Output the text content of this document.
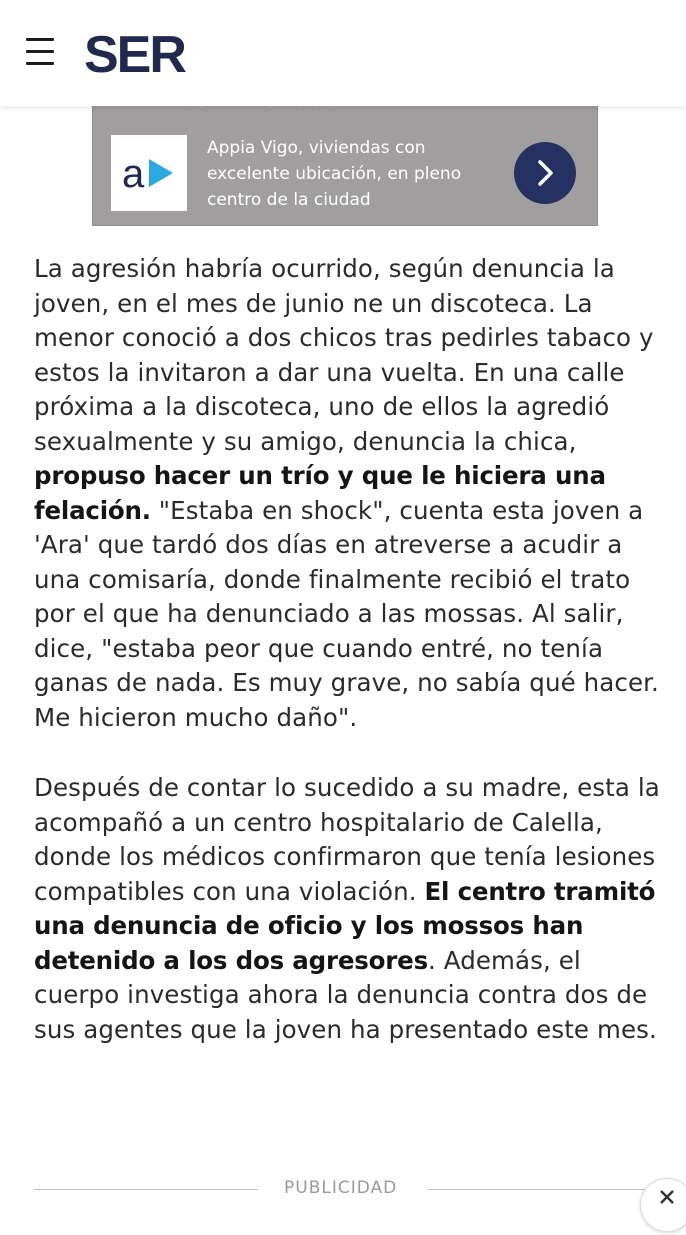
SER
a
Appia Vigo, viviendas con excelente ubicación, en pleno centro de la ciudad

La agresión habría ocurrido, según denuncia la joven, en el mes de junio ne un discoteca. La menor conoció a dos chicos tras pedirles tabaco y estos la invitaron a dar una vuelta. En una calle próxima a la discoteca, uno de ellos la agredió sexualmente y su amigo, denuncia la chica, propuso hacer un trío y que le hiciera una felación. "Estaba en shock", cuenta esta joven a 'Ara' que tardó dos días en atreverse a acudir a una comisaría, donde finalmente recibió el trato por el que ha denunciado a las mossas. Al salir, dice, "estaba peor que cuando entré, no tenía ganas de nada. Es muy grave, no sabía qué hacer. Me hicieron mucho daño".

Después de contar lo sucedido a su madre, esta la acompañó a un centro hospitalario de Calella, donde los médicos confirmaron que tenía lesiones compatibles con una violación. El centro tramitó una denuncia de oficio y los mossos han detenido a los dos agresores. Además, el cuerpo investiga ahora la denuncia contra dos de sus agentes que la joven ha presentado este mes.

PUBLICIDAD
